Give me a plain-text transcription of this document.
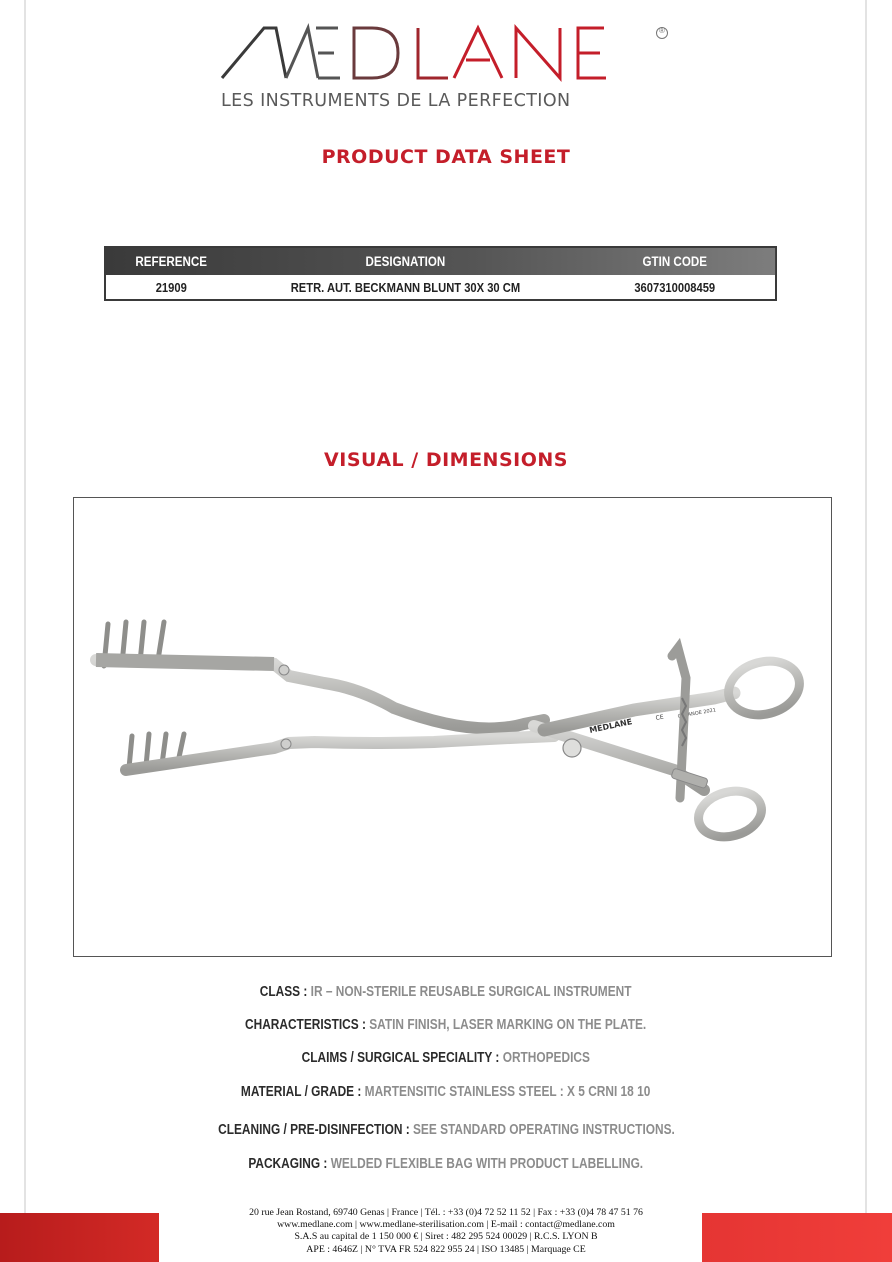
®
LES INSTRUMENTS DE LA PERFECTION
PRODUCT DATA SHEET
REFERENCE	DESIGNATION	GTIN CODE
21909	RETR. AUT. BECKMANN BLUNT 30X 30 CM	3607310008459
VISUAL / DIMENSIONS
MEDLANE	CE	CASANOE 2021
CLASS : IR – NON-STERILE REUSABLE SURGICAL INSTRUMENT
CHARACTERISTICS : SATIN FINISH, LASER MARKING ON THE PLATE.
CLAIMS / SURGICAL SPECIALITY : ORTHOPEDICS
MATERIAL / GRADE : MARTENSITIC STAINLESS STEEL : X 5 CRNI 18 10
CLEANING / PRE-DISINFECTION : SEE STANDARD OPERATING INSTRUCTIONS.
PACKAGING : WELDED FLEXIBLE BAG WITH PRODUCT LABELLING.
20 rue Jean Rostand, 69740 Genas | France | Tél. : +33 (0)4 72 52 11 52 | Fax : +33 (0)4 78 47 51 76
www.medlane.com | www.medlane-sterilisation.com | E-mail : contact@medlane.com
S.A.S au capital de 1 150 000 € | Siret : 482 295 524 00029 | R.C.S. LYON B
APE : 4646Z | N° TVA FR 524 822 955 24 | ISO 13485 | Marquage CE
